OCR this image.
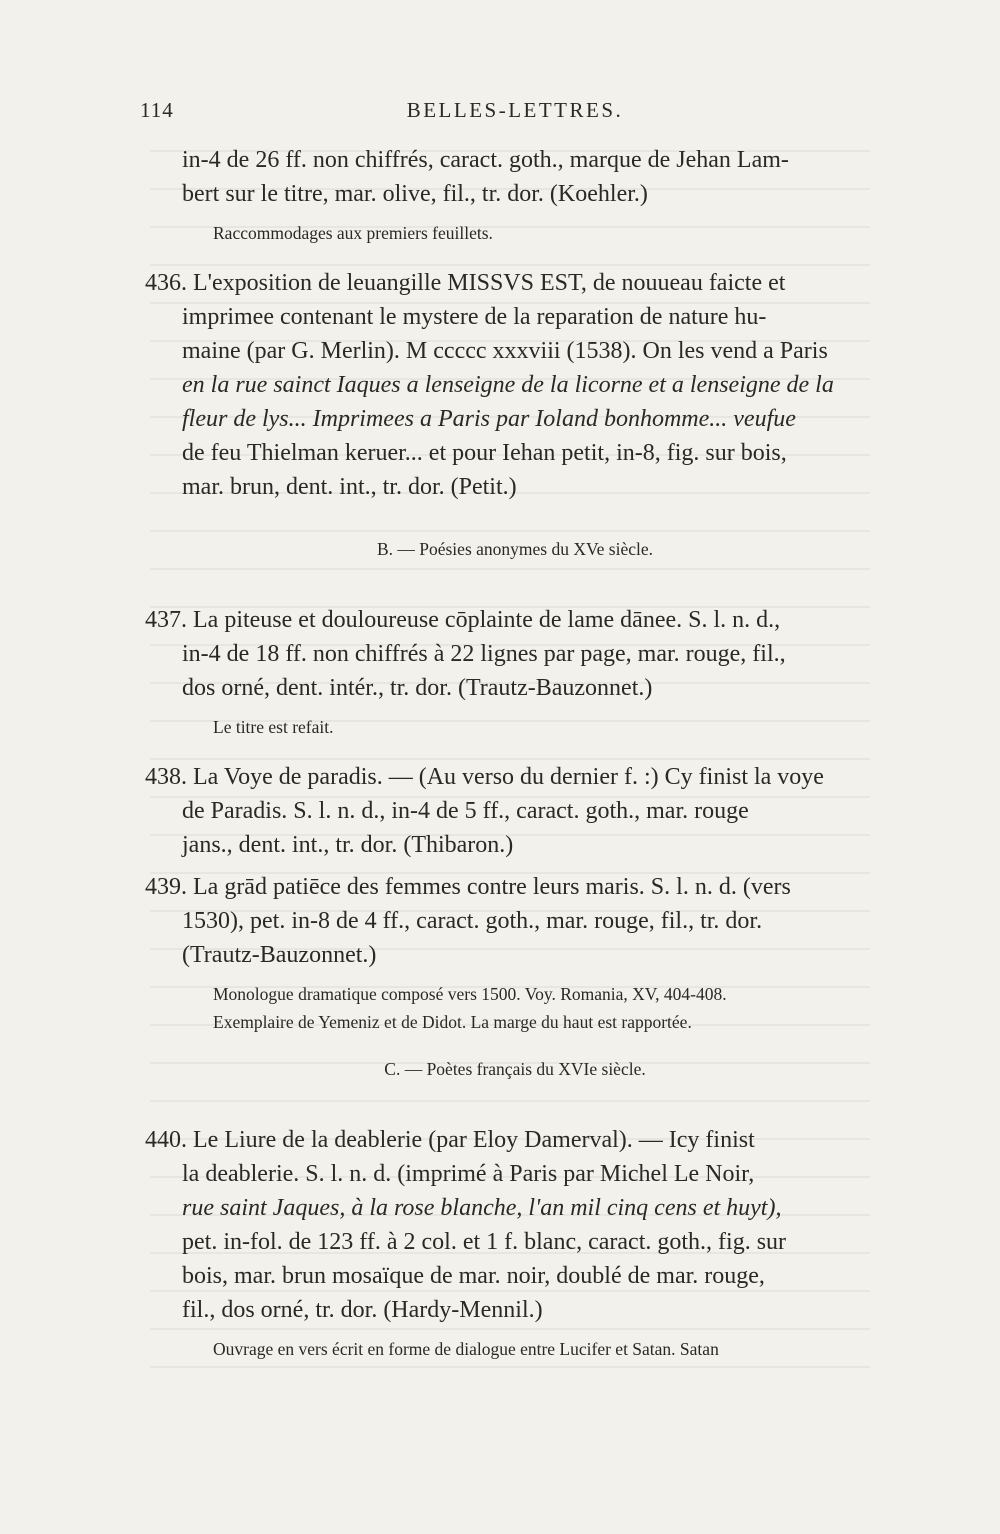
114	BELLES-LETTRES.
in-4 de 26 ff. non chiffrés, caract. goth., marque de Jehan Lam-
bert sur le titre, mar. olive, fil., tr. dor. (Koehler.)
Raccommodages aux premiers feuillets.
436. L'exposition de leuangille MISSVS EST, de nouueau faicte et
imprimee contenant le mystere de la reparation de nature hu-
maine (par G. Merlin). M ccccc xxxviii (1538). On les vend a Paris
en la rue sainct Iaques a lenseigne de la licorne et a lenseigne de la
fleur de lys... Imprimees a Paris par Ioland bonhomme... veufue
de feu Thielman keruer... et pour Iehan petit, in-8, fig. sur bois,
mar. brun, dent. int., tr. dor. (Petit.)
B. — Poésies anonymes du XVe siècle.
437. La piteuse et douloureuse cōplainte de lame dānee. S. l. n. d.,
in-4 de 18 ff. non chiffrés à 22 lignes par page, mar. rouge, fil.,
dos orné, dent. intér., tr. dor. (Trautz-Bauzonnet.)
Le titre est refait.
438. La Voye de paradis. — (Au verso du dernier f. :) Cy finist la voye
de Paradis. S. l. n. d., in-4 de 5 ff., caract. goth., mar. rouge
jans., dent. int., tr. dor. (Thibaron.)
439. La grād patiēce des femmes contre leurs maris. S. l. n. d. (vers
1530), pet. in-8 de 4 ff., caract. goth., mar. rouge, fil., tr. dor.
(Trautz-Bauzonnet.)
Monologue dramatique composé vers 1500. Voy. Romania, XV, 404-408.
Exemplaire de Yemeniz et de Didot. La marge du haut est rapportée.
C. — Poètes français du XVIe siècle.
440. Le Liure de la deablerie (par Eloy Damerval). — Icy finist
la deablerie. S. l. n. d. (imprimé à Paris par Michel Le Noir,
rue saint Jaques, à la rose blanche, l'an mil cinq cens et huyt),
pet. in-fol. de 123 ff. à 2 col. et 1 f. blanc, caract. goth., fig. sur
bois, mar. brun mosaïque de mar. noir, doublé de mar. rouge,
fil., dos orné, tr. dor. (Hardy-Mennil.)
Ouvrage en vers écrit en forme de dialogue entre Lucifer et Satan. Satan
